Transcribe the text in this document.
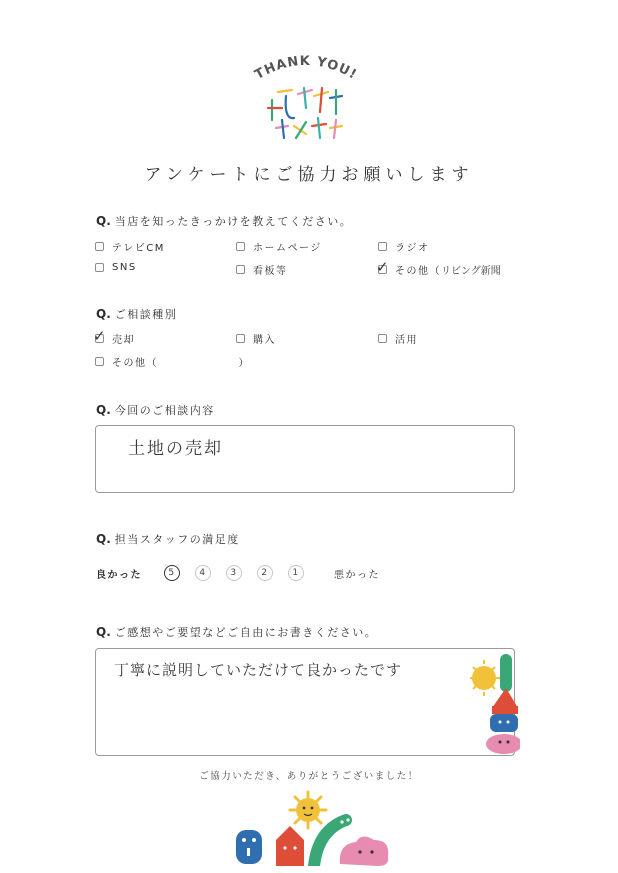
THANK YOU!
加藤ホーム
アンケートにご協力お願いします
Q. 当店を知ったきっかけを教えてください。
テレビCM	ホームページ	ラジオ
SNS	看板等	✓ その他（ リビング新聞
Q. ご相談種別
✓ 売却	購入	活用
その他（　　　　　　　）
Q. 今回のご相談内容
土地の売却
Q. 担当スタッフの満足度
良かった	5	4	3	2	1	悪かった
Q. ご感想やご要望などご自由にお書きください。
丁寧に説明していただけて良かったです
ご協力いただき、ありがとうございました！
